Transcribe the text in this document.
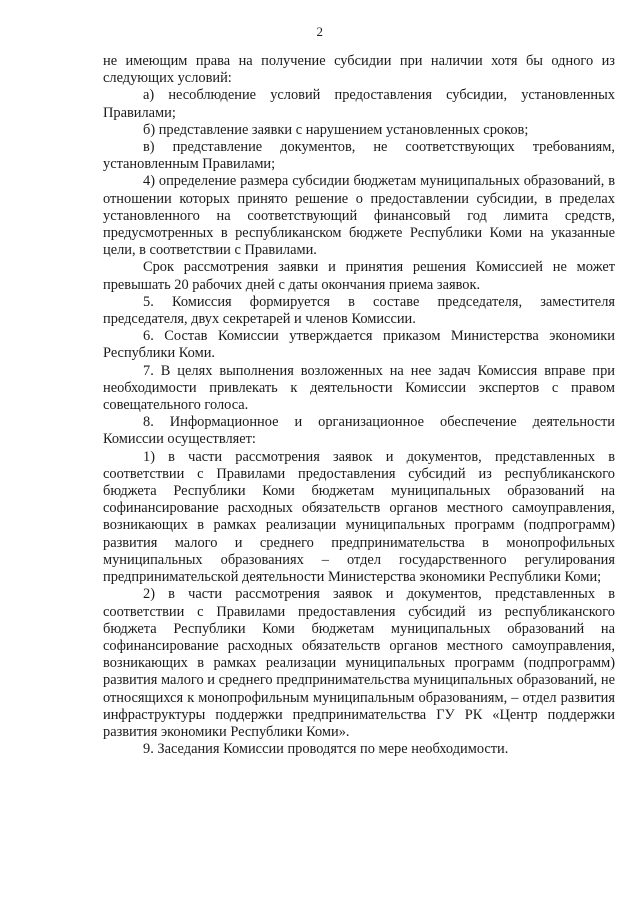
2

не имеющим права на получение субсидии при наличии хотя бы одного из следующих условий:

а) несоблюдение условий предоставления субсидии, установленных Правилами;

б) представление заявки с нарушением установленных сроков;

в) представление документов, не соответствующих требованиям, установленным Правилами;

4) определение размера субсидии бюджетам муниципальных образований, в отношении которых принято решение о предоставлении субсидии, в пределах установленного на соответствующий финансовый год лимита средств, предусмотренных в республиканском бюджете Республики Коми на указанные цели, в соответствии с Правилами.

Срок рассмотрения заявки и принятия решения Комиссией не может превышать 20 рабочих дней с даты окончания приема заявок.

5. Комиссия формируется в составе председателя, заместителя председателя, двух секретарей и членов Комиссии.

6. Состав Комиссии утверждается приказом Министерства экономики Республики Коми.

7. В целях выполнения возложенных на нее задач Комиссия вправе при необходимости привлекать к деятельности Комиссии экспертов с правом совещательного голоса.

8. Информационное и организационное обеспечение деятельности Комиссии осуществляет:

1) в части рассмотрения заявок и документов, представленных в соответствии с Правилами предоставления субсидий из республиканского бюджета Республики Коми бюджетам муниципальных образований на софинансирование расходных обязательств органов местного самоуправления, возникающих в рамках реализации муниципальных программ (подпрограмм) развития малого и среднего предпринимательства в монопрофильных муниципальных образованиях – отдел государственного регулирования предпринимательской деятельности Министерства экономики Республики Коми;

2) в части рассмотрения заявок и документов, представленных в соответствии с Правилами предоставления субсидий из республиканского бюджета Республики Коми бюджетам муниципальных образований на софинансирование расходных обязательств органов местного самоуправления, возникающих в рамках реализации муниципальных программ (подпрограмм) развития малого и среднего предпринимательства муниципальных образований, не относящихся к монопрофильным муниципальным образованиям, – отдел развития инфраструктуры поддержки предпринимательства ГУ РК «Центр поддержки развития экономики Республики Коми».

9. Заседания Комиссии проводятся по мере необходимости.
